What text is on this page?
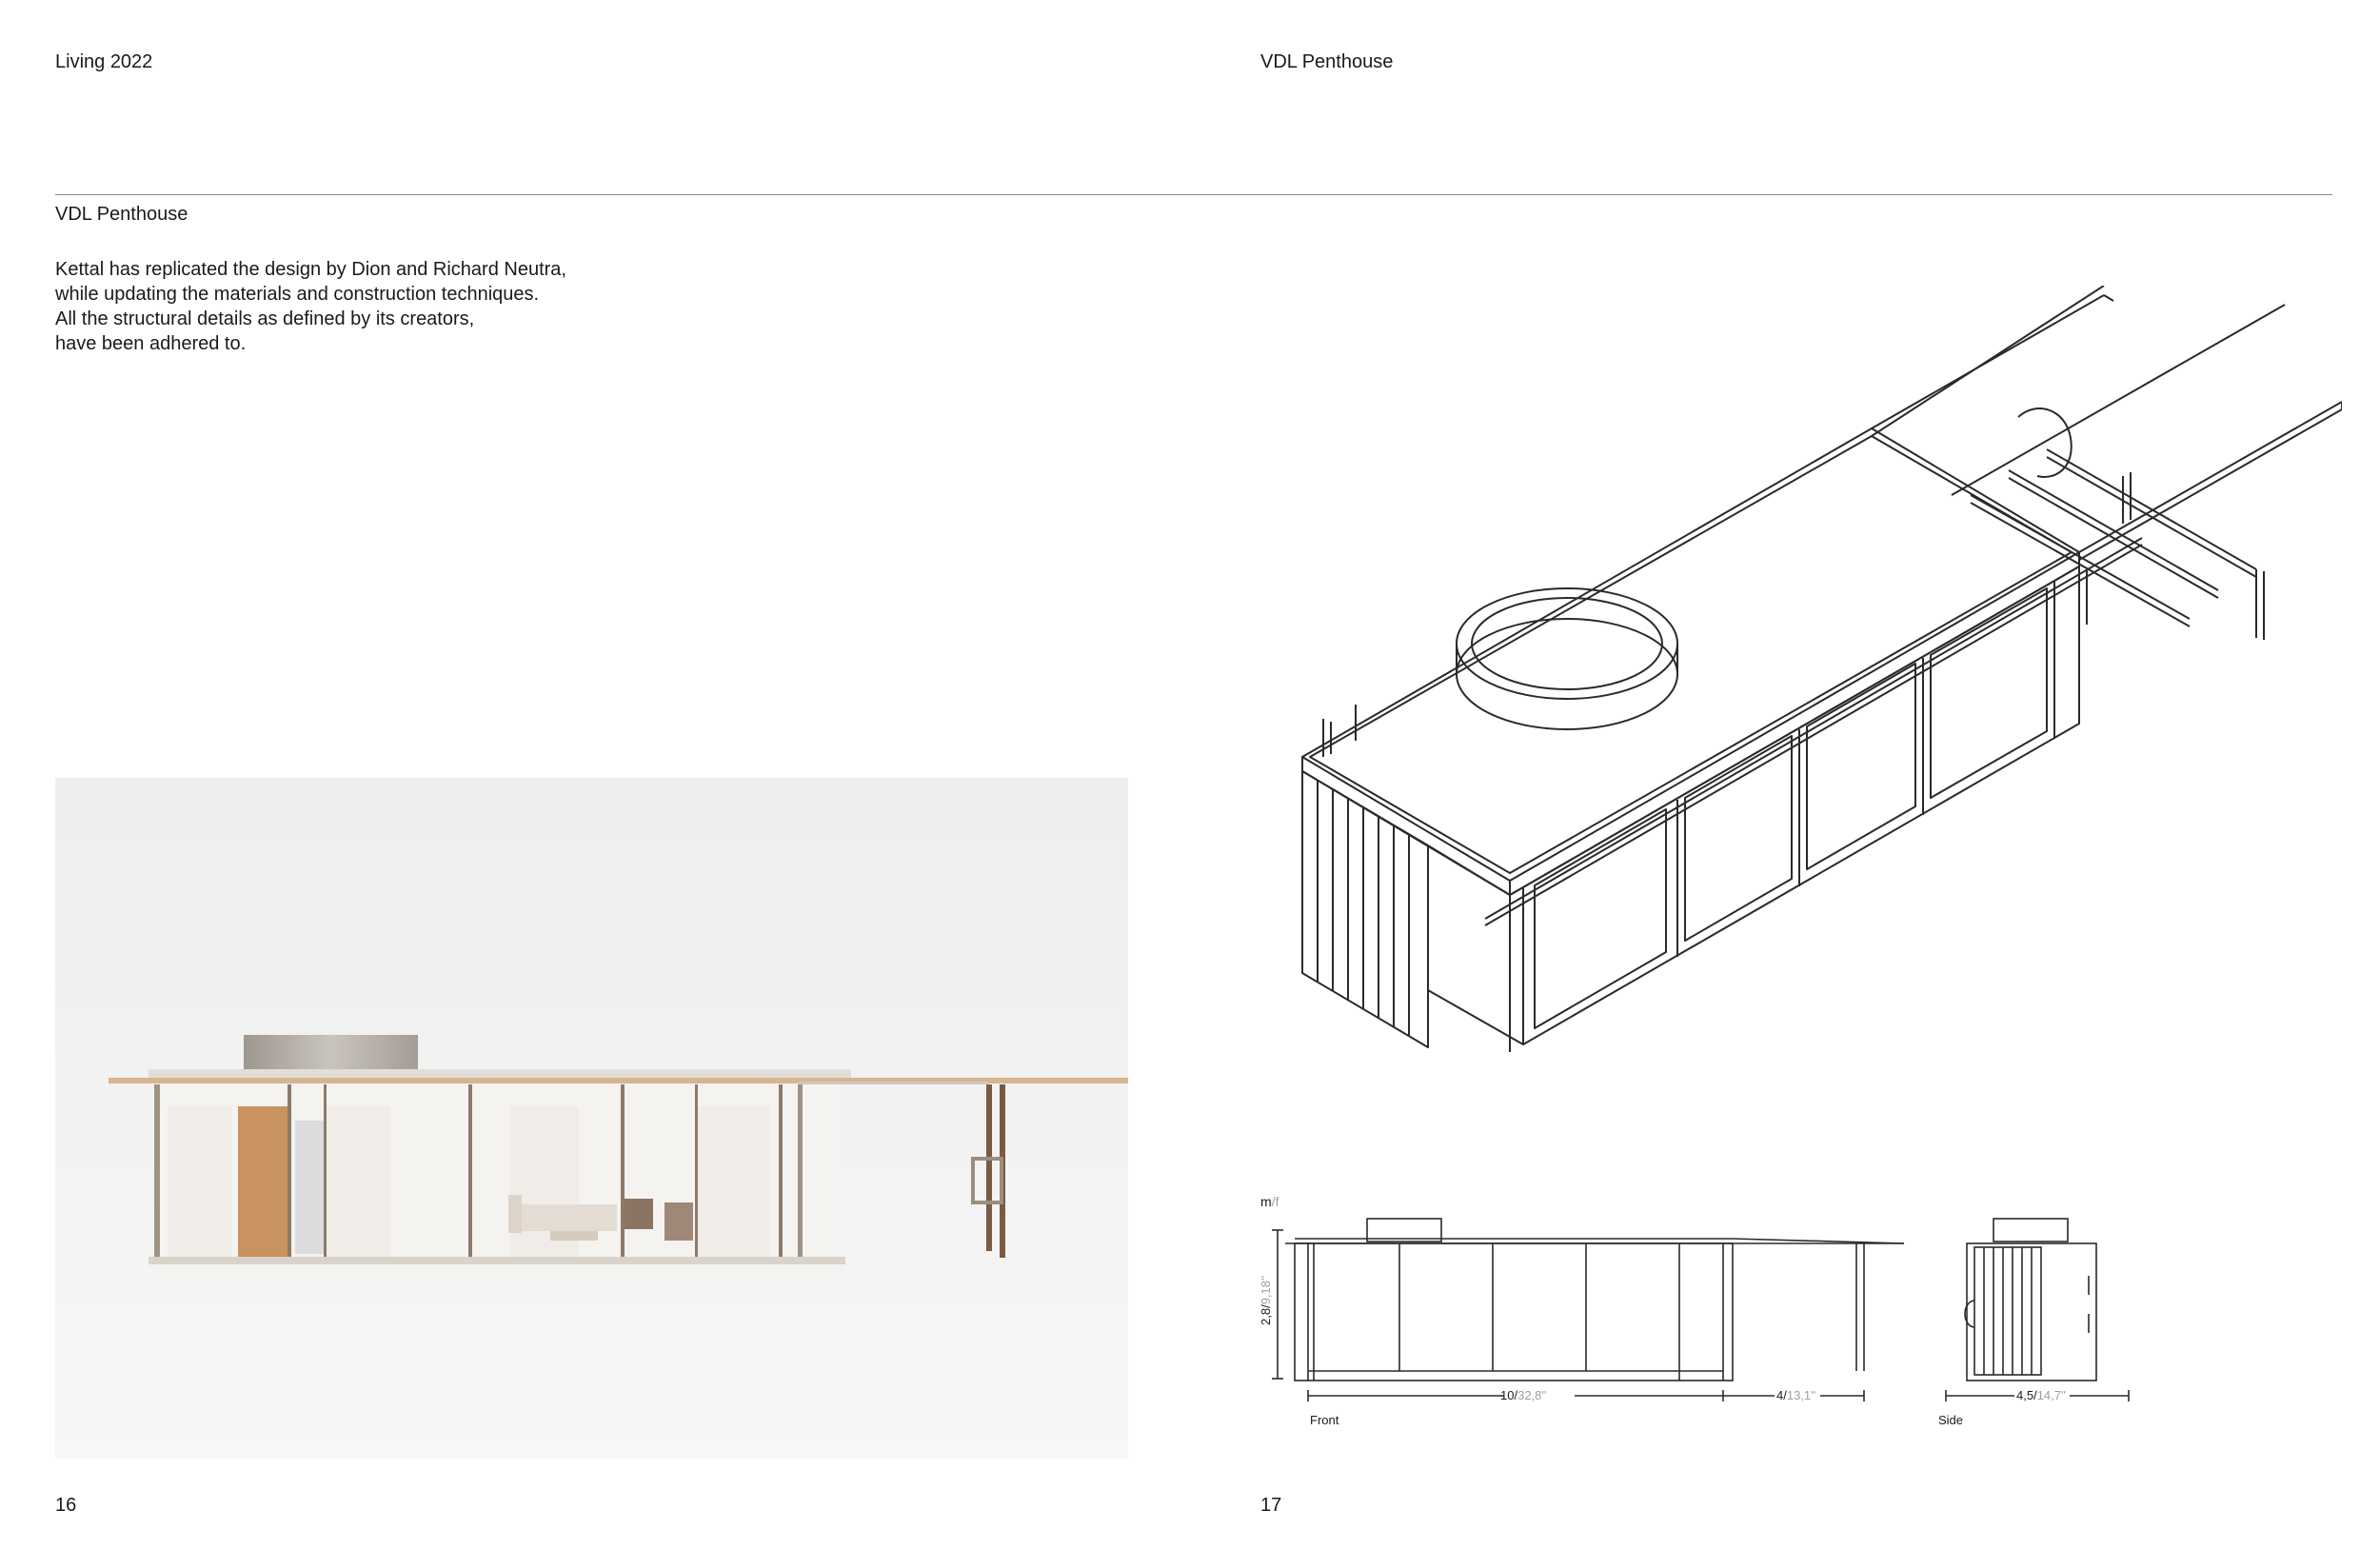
Living 2022	VDL Penthouse
VDL Penthouse
Kettal has replicated the design by Dion and Richard Neutra,
while updating the materials and construction techniques.
All the structural details as defined by its creators,
have been adhered to.
m/f
2,8/9,18''
10/32,8''	4/13,1''	4,5/14,7''
Front	Side
16	17
